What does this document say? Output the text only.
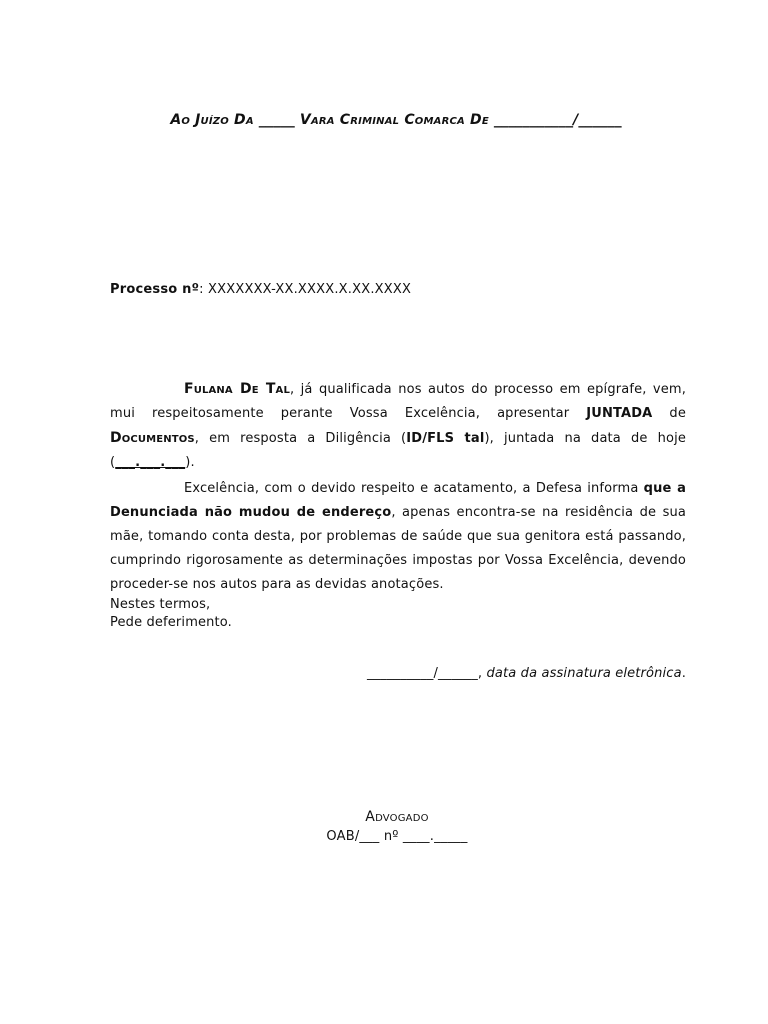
Ao Juízo Da _____ Vara Criminal Comarca De ___________/______
Processo nº: XXXXXXX-XX.XXXX.X.XX.XXXX
Fulana De Tal, já qualificada nos autos do processo em epígrafe, vem, mui respeitosamente perante Vossa Excelência, apresentar JUNTADA de Documentos, em resposta a Diligência (ID/FLS tal), juntada na data de hoje (___.___.___).
Excelência, com o devido respeito e acatamento, a Defesa informa que a Denunciada não mudou de endereço, apenas encontra-se na residência de sua mãe, tomando conta desta, por problemas de saúde que sua genitora está passando, cumprindo rigorosamente as determinações impostas por Vossa Excelência, devendo proceder-se nos autos para as devidas anotações.
Nestes termos,
Pede deferimento.
__________/______, data da assinatura eletrônica.
Advogado
OAB/___ nº ____._____
